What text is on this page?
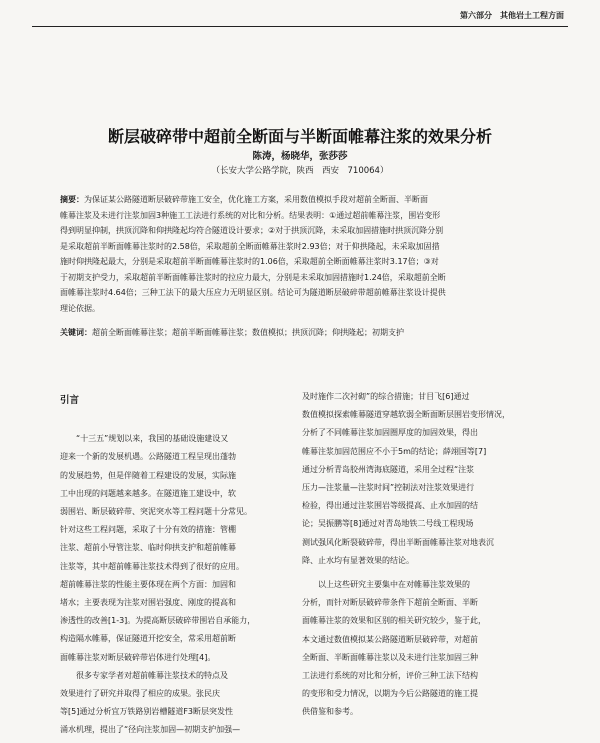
第六部分　其他岩土工程方面
断层破碎带中超前全断面与半断面帷幕注浆的效果分析
陈涛，杨晓华，张莎莎
（长安大学公路学院，陕西　西安　710064）
摘要：为保证某公路隧道断层破碎带施工安全，优化施工方案，采用数值模拟手段对超前全断面、半断面
帷幕注浆及未进行注浆加固3种施工工法进行系统的对比和分析。结果表明：①通过超前帷幕注浆，围岩变形
得到明显抑制，拱顶沉降和仰拱隆起均符合隧道设计要求；②对于拱顶沉降，未采取加固措施时拱顶沉降分别
是采取超前半断面帷幕注浆时的2.58倍，采取超前全断面帷幕注浆时2.93倍；对于仰拱隆起，未采取加固措
施时仰拱隆起最大，分别是采取超前半断面帷幕注浆时的1.06倍，采取超前全断面帷幕注浆时3.17倍；③对
于初期支护受力，采取超前半断面帷幕注浆时的拉应力最大，分别是未采取加固措施时1.24倍，采取超前全断
面帷幕注浆时4.64倍；三种工法下的最大压应力无明显区别。结论可为隧道断层破碎带超前帷幕注浆设计提供
理论依据。
关键词：超前全断面帷幕注浆；超前半断面帷幕注浆；数值模拟；拱顶沉降；仰拱隆起；初期支护
引言

　　“十三五”规划以来，我国的基础设施建设又
迎来一个新的发展机遇。公路隧道工程呈现出蓬勃
的发展趋势，但是伴随着工程建设的发展，实际施
工中出现的问题越来越多。在隧道施工建设中，软
弱围岩、断层破碎带、突泥突水等工程问题十分常见。
针对这些工程问题，采取了十分有效的措施：管棚
注浆、超前小导管注浆、临时仰拱支护和超前帷幕
注浆等，其中超前帷幕注浆技术得到了很好的应用。
超前帷幕注浆的性能主要体现在两个方面：加固和
堵水；主要表现为注浆对围岩强度、刚度的提高和
渗透性的改善[1-3]。为提高断层破碎带围岩自承能力，
构造隔水帷幕，保证隧道开挖安全，常采用超前断
面帷幕注浆对断层破碎带岩体进行处理[4]。

　　很多专家学者对超前帷幕注浆技术的特点及
效果进行了研究并取得了相应的成果。张民庆
等[5]通过分析宜万铁路别岩槽隧道F3断层突发性
涌水机理，提出了“径向注浆加固—初期支护加强—

及时施作二次衬砌”的综合措施；甘目飞[6]通过
数值模拟探索帷幕隧道穿越软弱全断面断层围岩变形情况，
分析了不同帷幕注浆加固圈厚度的加固效果，得出
帷幕注浆加固范围应不小于5m的结论；薛翊国等[7]
通过分析青岛胶州湾海底隧道，采用全过程“注浆
压力—注浆量—注浆时间”控制法对注浆效果进行
检验，得出通过注浆围岩等级提高、止水加固的结
论；吴振鹏等[8]通过对青岛地铁二号线工程现场
测试强风化断裂破碎带，得出半断面帷幕注浆对地表沉
降、止水均有显著效果的结论。

　　以上这些研究主要集中在对帷幕注浆效果的
分析，而针对断层破碎带条件下超前全断面、半断
面帷幕注浆的效果和区别的相关研究较少，鉴于此，
本文通过数值模拟某公路隧道断层破碎带，对超前
全断面、半断面帷幕注浆以及未进行注浆加固三种
工法进行系统的对比和分析，评价三种工法下结构
的变形和受力情况，以期为今后公路隧道的施工提
供借鉴和参考。
